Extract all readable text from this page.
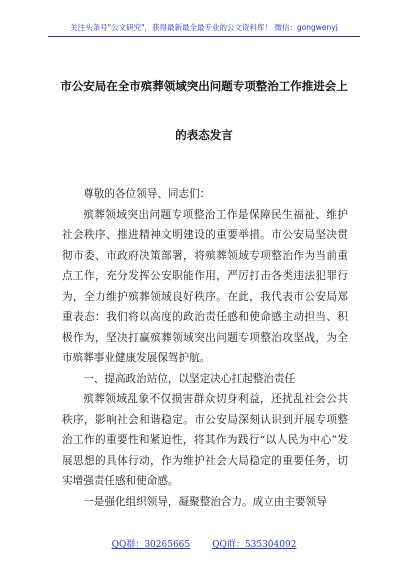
关注头条号"公文研究"，获得最新最全最专业的公文资料库！ 微信：gongwenyj
市公安局在全市殡葬领域突出问题专项整治工作推进会上
的表态发言

尊敬的各位领导、同志们：

殡葬领域突出问题专项整治工作是保障民生福祉、维护社会秩序、推进精神文明建设的重要举措。市公安局坚决贯彻市委、市政府决策部署，将殡葬领域专项整治作为当前重点工作，充分发挥公安职能作用，严厉打击各类违法犯罪行为，全力维护殡葬领域良好秩序。在此，我代表市公安局郑重表态：我们将以高度的政治责任感和使命感主动担当、积极作为，坚决打赢殡葬领域突出问题专项整治攻坚战，为全市殡葬事业健康发展保驾护航。

一、提高政治站位，以坚定决心扛起整治责任

殡葬领域乱象不仅损害群众切身利益，还扰乱社会公共秩序，影响社会和谐稳定。市公安局深刻认识到开展专项整治工作的重要性和紧迫性，将其作为践行“以人民为中心”发展思想的具体行动，作为维护社会大局稳定的重要任务，切实增强责任感和使命感。

一是强化组织领导，凝聚整治合力。成立由主要领导

QQ群：30265665 QQ群：535304092
